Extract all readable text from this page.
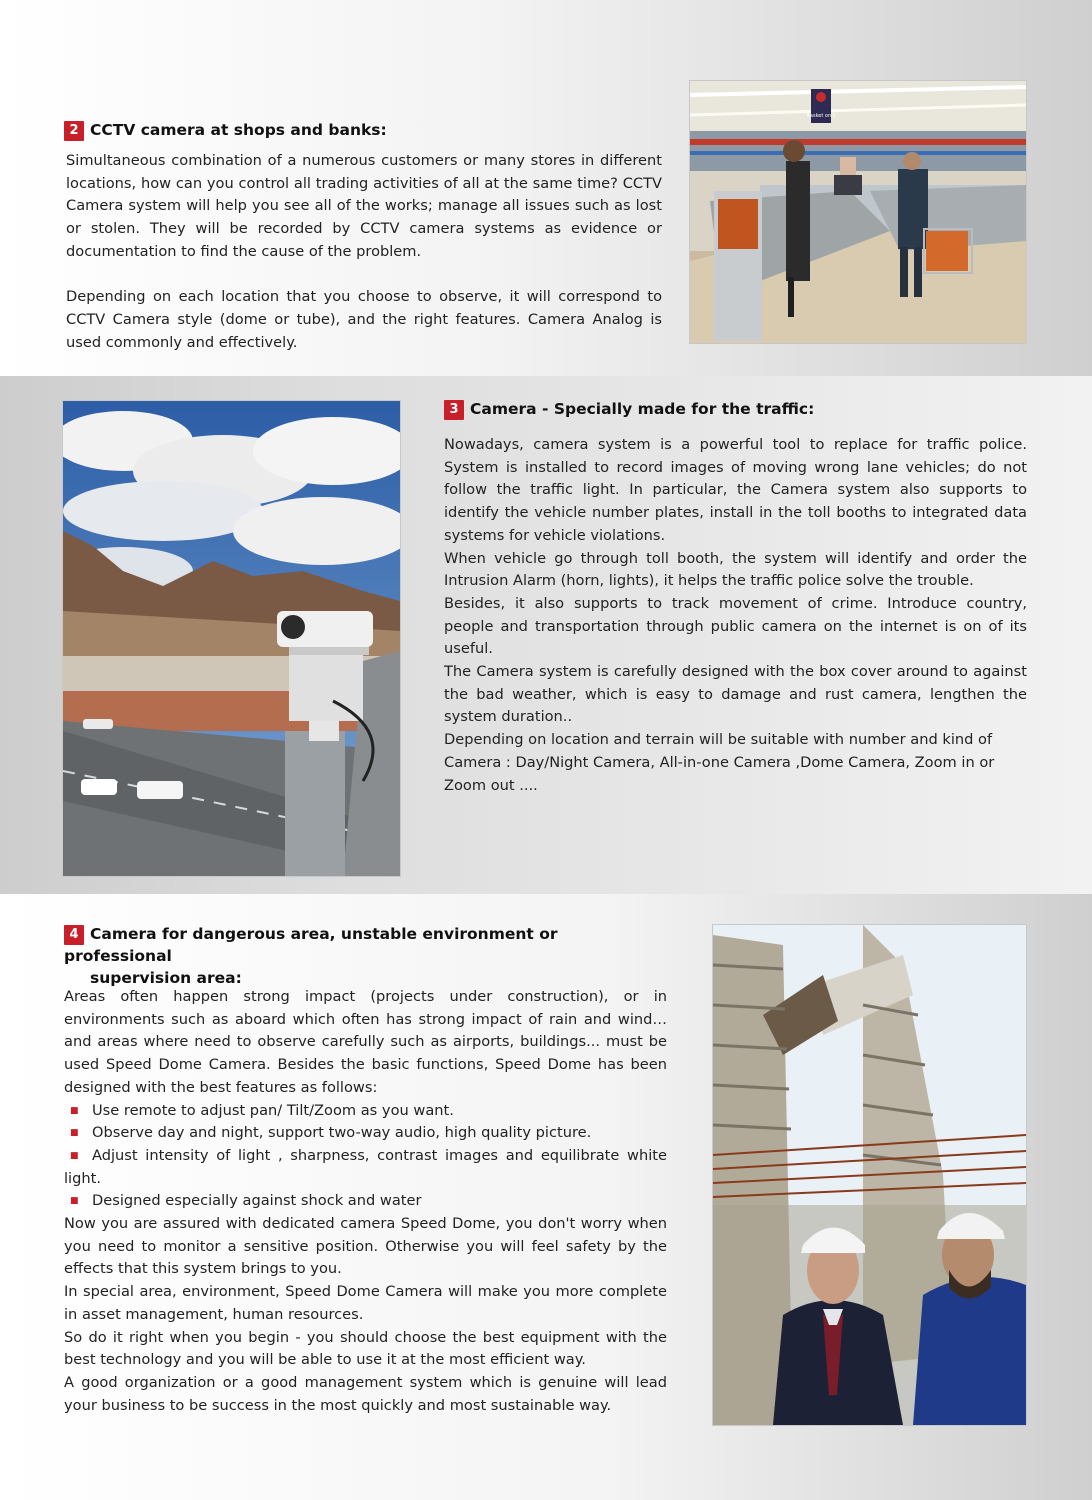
2 CCTV camera at shops and banks:

Simultaneous combination of a numerous customers or many stores in different locations, how can you control all trading activities of all at the same time? CCTV Camera system will help you see all of the works; manage all issues such as lost or stolen. They will be recorded by CCTV camera systems as evidence or documentation to find the cause of the problem.

Depending on each location that you choose to observe, it will correspond to CCTV Camera style (dome or tube), and the right features. Camera Analog is used commonly and effectively.

Basket only
3 Camera - Specially made for the traffic:

Nowadays, camera system is a powerful tool to replace for traffic police. System is installed to record images of moving wrong lane vehicles; do not follow the traffic light. In particular, the Camera system also supports to identify the vehicle number plates, install in the toll booths to integrated data systems for vehicle violations.

When vehicle go through toll booth, the system will identify and order the Intrusion Alarm (horn, lights), it helps the traffic police solve the trouble.

Besides, it also supports to track movement of crime. Introduce country, people and transportation through public camera on the internet is on of its useful.

The Camera system is carefully designed with the box cover around to against the bad weather, which is easy to damage and rust camera, lengthen the system duration..

Depending on location and terrain will be suitable with number and kind of Camera : Day/Night Camera, All-in-one Camera ,Dome Camera, Zoom in or Zoom out ....

4 Camera for dangerous area, unstable environment or professional
supervision area:

Areas often happen strong impact (projects under construction), or in environments such as aboard which often has strong impact of rain and wind… and areas where need to observe carefully such as airports, buildings... must be used Speed Dome Camera. Besides the basic functions, Speed Dome has been designed with the best features as follows:

■ Use remote to adjust pan/ Tilt/Zoom as you want.

■ Observe day and night, support two-way audio, high quality picture.

■ Adjust intensity of light , sharpness, contrast images and equilibrate white light.

■ Designed especially against shock and water

Now you are assured with dedicated camera Speed Dome, you don't worry when you need to monitor a sensitive position. Otherwise you will feel safety by the effects that this system brings to you.

In special area, environment, Speed Dome Camera will make you more complete in asset management, human resources.

So do it right when you begin - you should choose the best equipment with the best technology and you will be able to use it at the most efficient way.

A good organization or a good management system which is genuine will lead your business to be success in the most quickly and most sustainable way.
